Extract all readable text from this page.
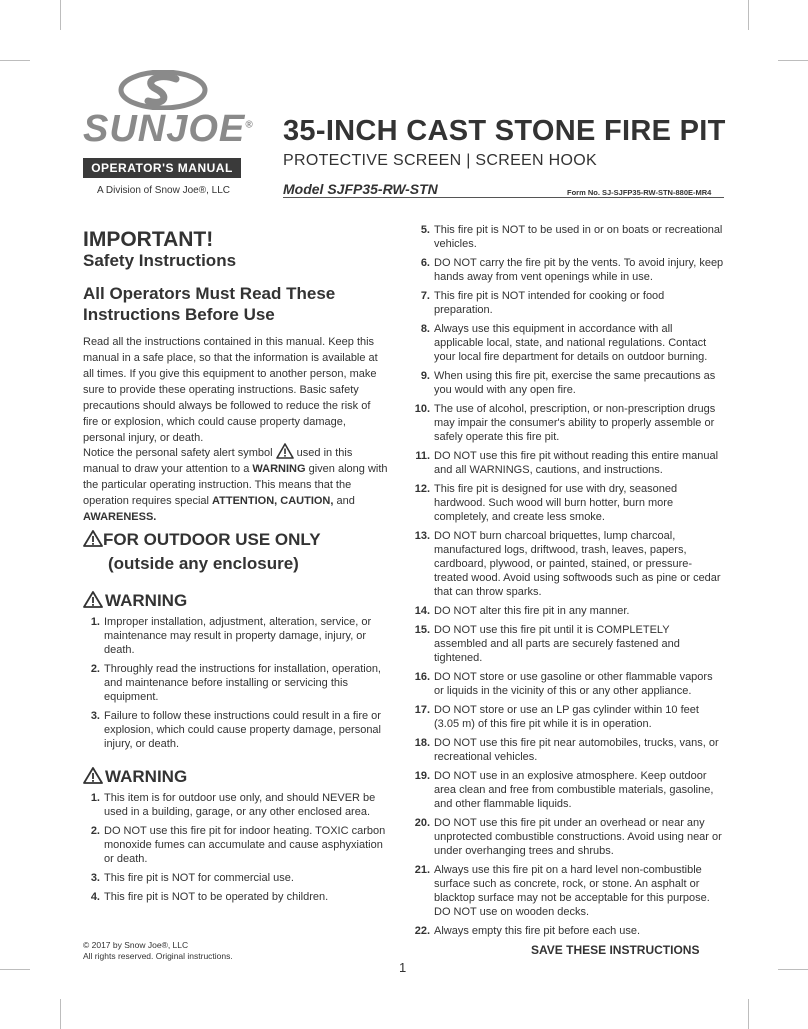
SUNJOE®
OPERATOR'S MANUAL
A Division of Snow Joe®, LLC
35-INCH CAST STONE FIRE PIT
PROTECTIVE SCREEN | SCREEN HOOK
Model SJFP35-RW-STN	Form No. SJ-SJFP35-RW-STN-880E-MR4
IMPORTANT!
Safety Instructions
All Operators Must Read These Instructions Before Use
Read all the instructions contained in this manual. Keep this manual in a safe place, so that the information is available at all times. If you give this equipment to another person, make sure to provide these operating instructions. Basic safety precautions should always be followed to reduce the risk of fire or explosion, which could cause property damage, personal injury, or death.
Notice the personal safety alert symbol used in this manual to draw your attention to a WARNING given along with the particular operating instruction. This means that the operation requires special ATTENTION, CAUTION, and AWARENESS.
FOR OUTDOOR USE ONLY
(outside any enclosure)
WARNING
1. Improper installation, adjustment, alteration, service, or maintenance may result in property damage, injury, or death.
2. Throughly read the instructions for installation, operation, and maintenance before installing or servicing this equipment.
3. Failure to follow these instructions could result in a fire or explosion, which could cause property damage, personal injury, or death.
WARNING
1. This item is for outdoor use only, and should NEVER be used in a building, garage, or any other enclosed area.
2. DO NOT use this fire pit for indoor heating. TOXIC carbon monoxide fumes can accumulate and cause asphyxiation or death.
3. This fire pit is NOT for commercial use.
4. This fire pit is NOT to be operated by children.
5. This fire pit is NOT to be used in or on boats or recreational vehicles.
6. DO NOT carry the fire pit by the vents. To avoid injury, keep hands away from vent openings while in use.
7. This fire pit is NOT intended for cooking or food preparation.
8. Always use this equipment in accordance with all applicable local, state, and national regulations. Contact your local fire department for details on outdoor burning.
9. When using this fire pit, exercise the same precautions as you would with any open fire.
10. The use of alcohol, prescription, or non-prescription drugs may impair the consumer's ability to properly assemble or safely operate this fire pit.
11. DO NOT use this fire pit without reading this entire manual and all WARNINGS, cautions, and instructions.
12. This fire pit is designed for use with dry, seasoned hardwood. Such wood will burn hotter, burn more completely, and create less smoke.
13. DO NOT burn charcoal briquettes, lump charcoal, manufactured logs, driftwood, trash, leaves, papers, cardboard, plywood, or painted, stained, or pressure-treated wood. Avoid using softwoods such as pine or cedar that can throw sparks.
14. DO NOT alter this fire pit in any manner.
15. DO NOT use this fire pit until it is COMPLETELY assembled and all parts are securely fastened and tightened.
16. DO NOT store or use gasoline or other flammable vapors or liquids in the vicinity of this or any other appliance.
17. DO NOT store or use an LP gas cylinder within 10 feet (3.05 m) of this fire pit while it is in operation.
18. DO NOT use this fire pit near automobiles, trucks, vans, or recreational vehicles.
19. DO NOT use in an explosive atmosphere. Keep outdoor area clean and free from combustible materials, gasoline, and other flammable liquids.
20. DO NOT use this fire pit under an overhead or near any unprotected combustible constructions. Avoid using near or under overhanging trees and shrubs.
21. Always use this fire pit on a hard level non-combustible surface such as concrete, rock, or stone. An asphalt or blacktop surface may not be acceptable for this purpose. DO NOT use on wooden decks.
22. Always empty this fire pit before each use.
© 2017 by Snow Joe®, LLC
All rights reserved. Original instructions.	SAVE THESE INSTRUCTIONS
1
